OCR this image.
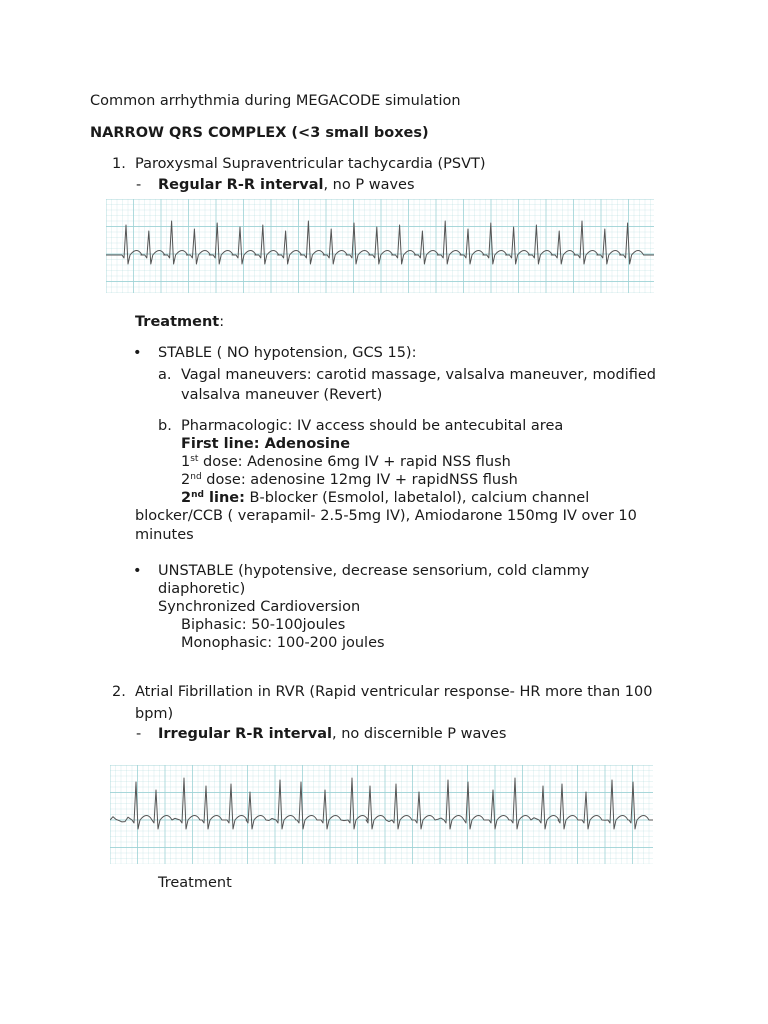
Common arrhythmia during MEGACODE simulation
NARROW QRS COMPLEX (<3 small boxes)
1. Paroxysmal Supraventricular tachycardia (PSVT)
- Regular R-R interval, no P waves
Treatment:
• STABLE ( NO hypotension, GCS 15):
a. Vagal maneuvers: carotid massage, valsalva maneuver, modified
valsalva maneuver (Revert)
b. Pharmacologic: IV access should be antecubital area
First line: Adenosine
1st dose: Adenosine 6mg IV + rapid NSS flush
2nd dose: adenosine 12mg IV + rapidNSS flush
2nd line: B-blocker (Esmolol, labetalol), calcium channel
blocker/CCB ( verapamil- 2.5-5mg IV), Amiodarone 150mg IV over 10
minutes
• UNSTABLE (hypotensive, decrease sensorium, cold clammy
diaphoretic)
Synchronized Cardioversion
Biphasic: 50-100joules
Monophasic: 100-200 joules
2. Atrial Fibrillation in RVR (Rapid ventricular response- HR more than 100
bpm)
- Irregular R-R interval, no discernible P waves
Treatment
